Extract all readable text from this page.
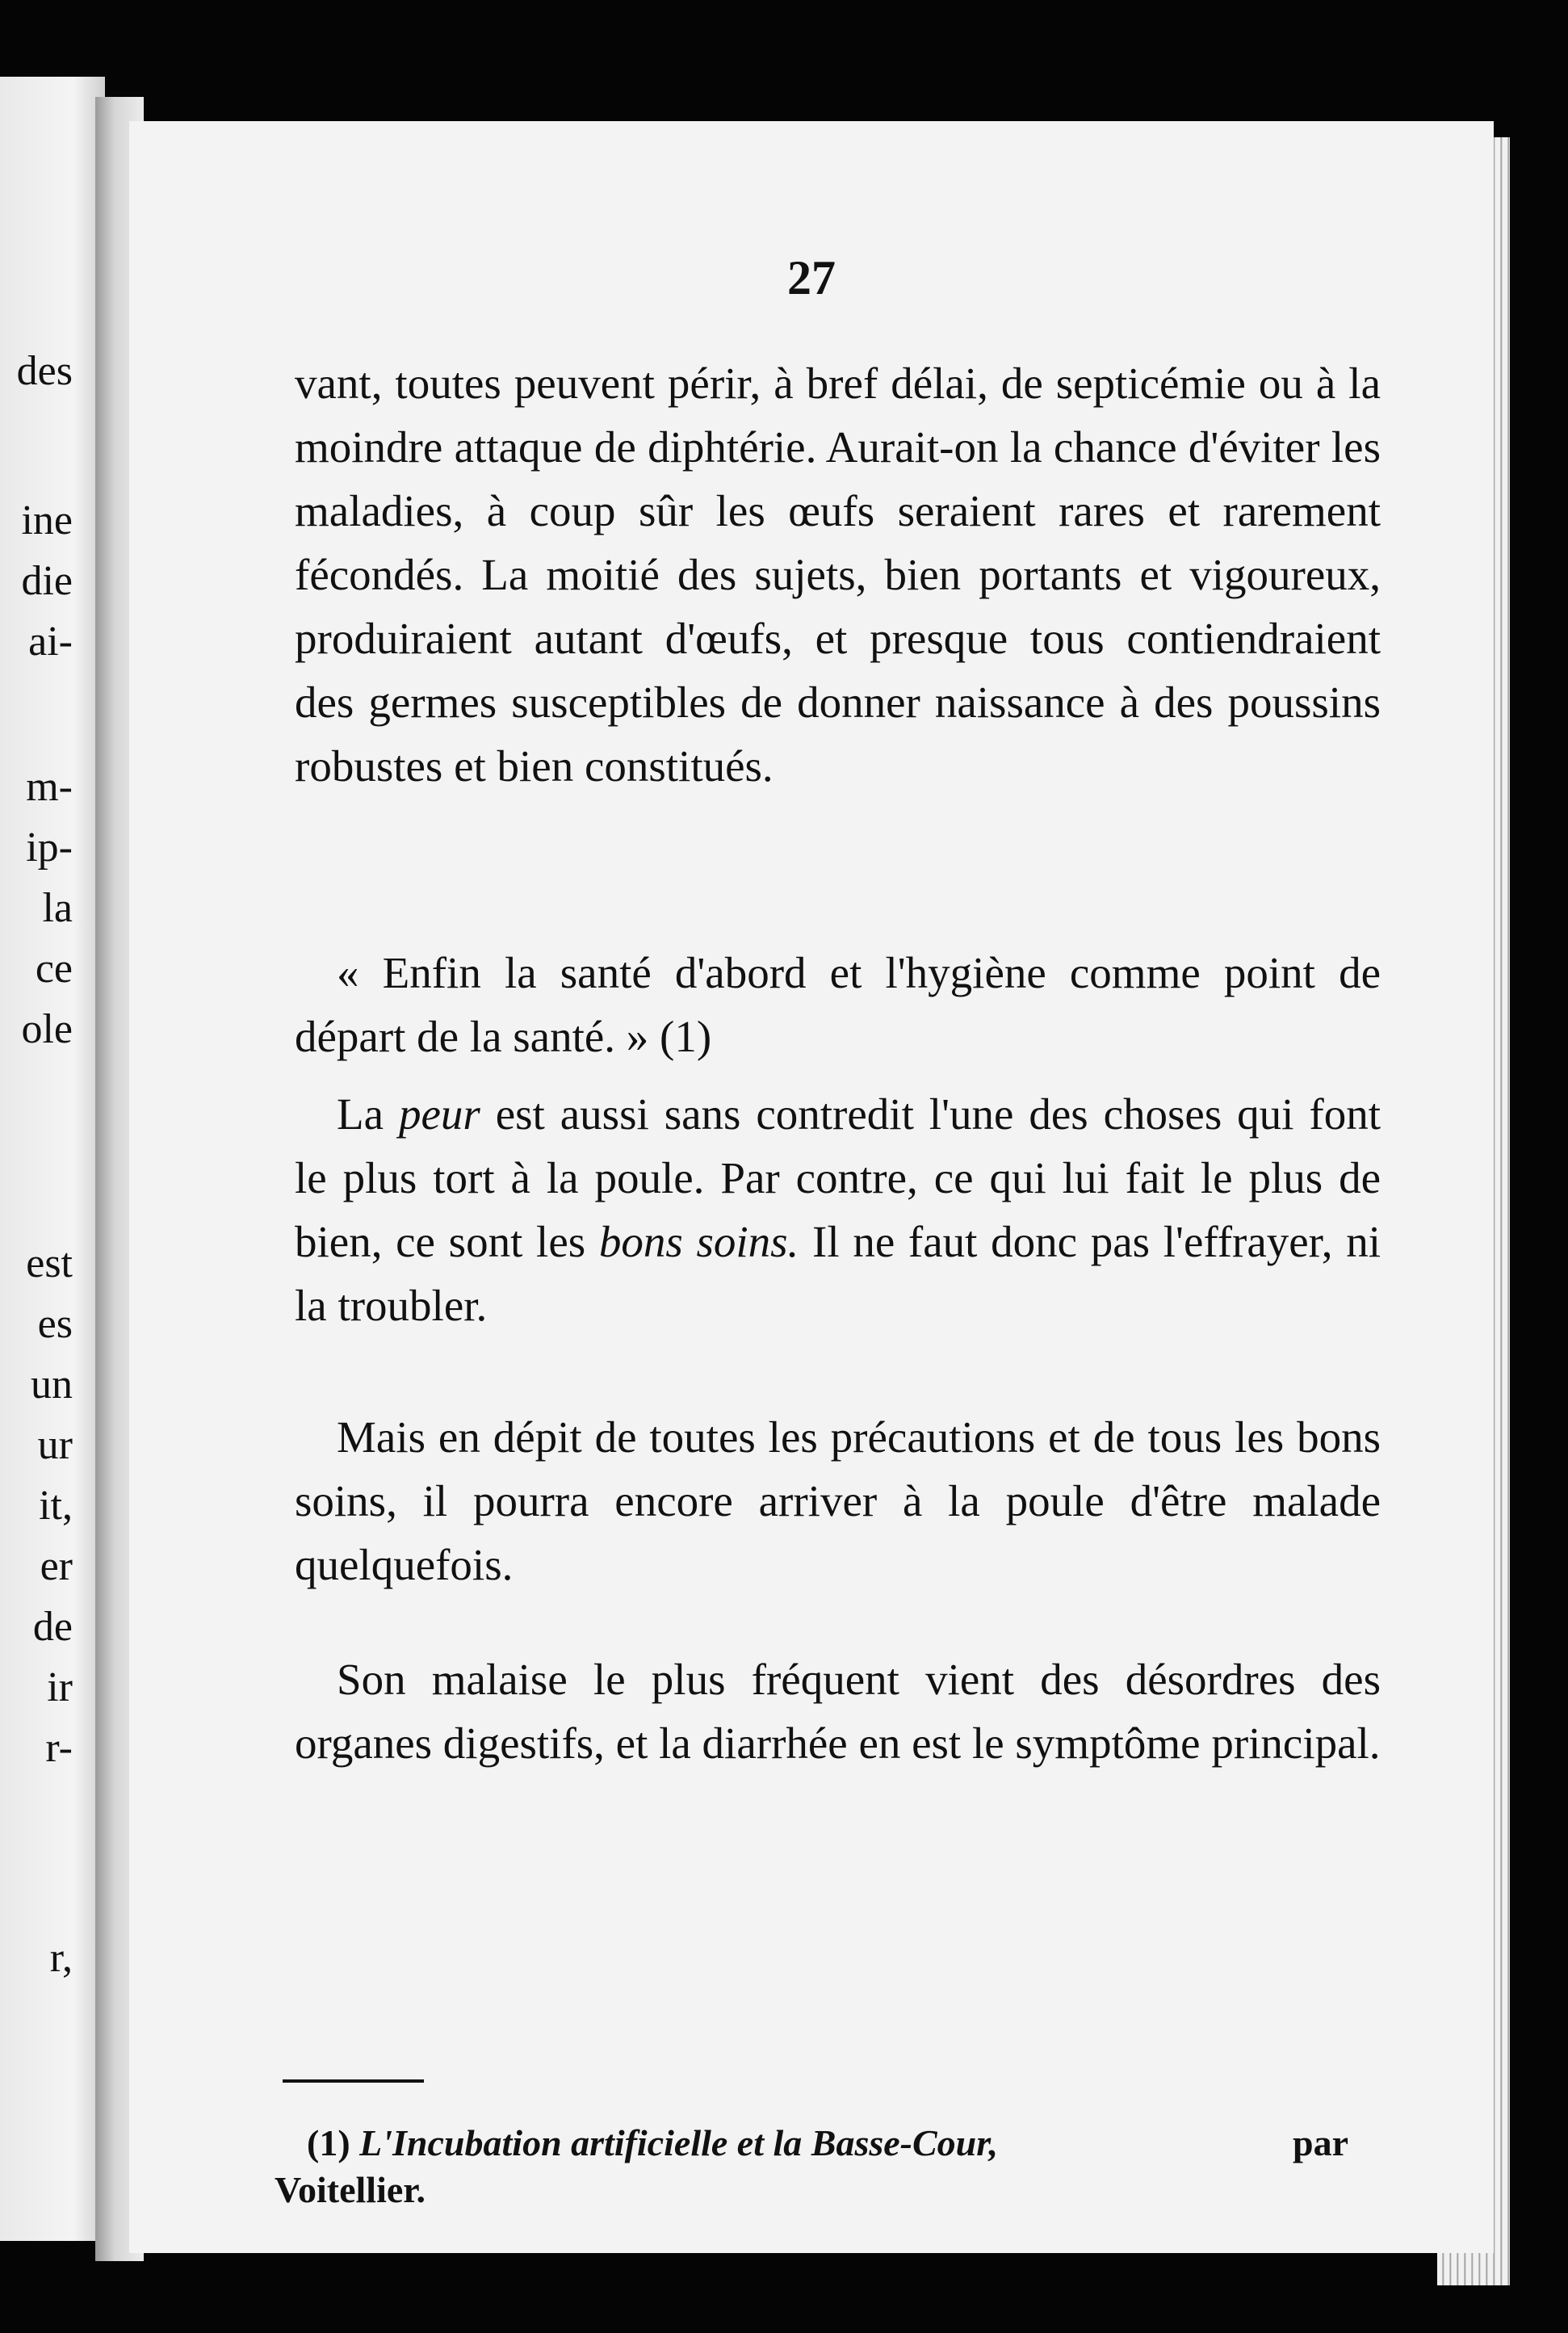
des
ine
die
ai-
m-
ip-
la
ce
ole
est
es
un
ur
it,
er
de
ir
r-
r,
27

vant, toutes peuvent périr, à bref délai, de septicémie ou à la moindre attaque de diphtérie. Aurait-on la chance d'éviter les maladies, à coup sûr les œufs seraient rares et rarement fécondés. La moitié des sujets, bien portants et vigoureux, produiraient autant d'œufs, et presque tous contiendraient des germes susceptibles de donner naissance à des poussins robustes et bien constitués.

« Enfin la santé d'abord et l'hygiène comme point de départ de la santé. » (1)

La peur est aussi sans contredit l'une des choses qui font le plus tort à la poule. Par contre, ce qui lui fait le plus de bien, ce sont les bons soins. Il ne faut donc pas l'effrayer, ni la troubler.

Mais en dépit de toutes les précautions et de tous les bons soins, il pourra encore arriver à la poule d'être malade quelquefois.

Son malaise le plus fréquent vient des désordres des organes digestifs, et la diarrhée en est le symptôme principal.

(1) L'Incubation artificielle et la Basse-Cour,	par

Voitellier.
